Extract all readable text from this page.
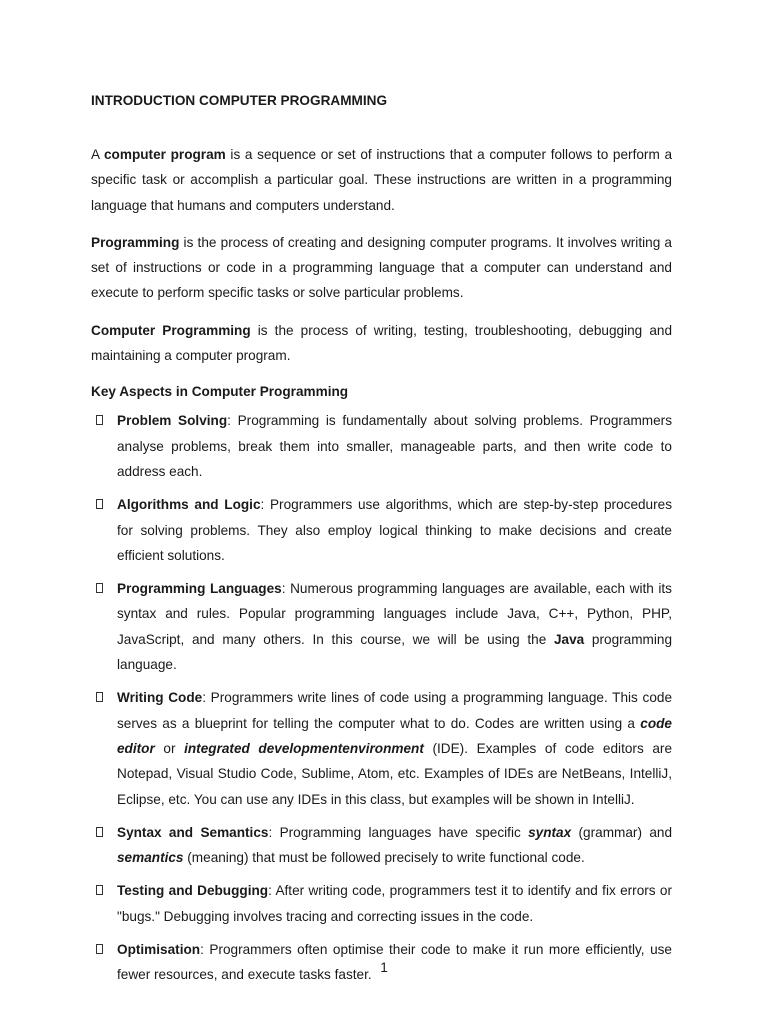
INTRODUCTION COMPUTER PROGRAMMING

A computer program is a sequence or set of instructions that a computer follows to perform a specific task or accomplish a particular goal. These instructions are written in a programming language that humans and computers understand.

Programming is the process of creating and designing computer programs. It involves writing a set of instructions or code in a programming language that a computer can understand and execute to perform specific tasks or solve particular problems.

Computer Programming is the process of writing, testing, troubleshooting, debugging and maintaining a computer program.

Key Aspects in Computer Programming
Problem Solving: Programming is fundamentally about solving problems. Programmers analyse problems, break them into smaller, manageable parts, and then write code to address each.
Algorithms and Logic: Programmers use algorithms, which are step-by-step procedures for solving problems. They also employ logical thinking to make decisions and create efficient solutions.
Programming Languages: Numerous programming languages are available, each with its syntax and rules. Popular programming languages include Java, C++, Python, PHP, JavaScript, and many others. In this course, we will be using the Java programming language.
Writing Code: Programmers write lines of code using a programming language. This code serves as a blueprint for telling the computer what to do. Codes are written using a code editor or integrated developmentenvironment (IDE). Examples of code editors are Notepad, Visual Studio Code, Sublime, Atom, etc. Examples of IDEs are NetBeans, IntelliJ, Eclipse, etc. You can use any IDEs in this class, but examples will be shown in IntelliJ.
Syntax and Semantics: Programming languages have specific syntax (grammar) and semantics (meaning) that must be followed precisely to write functional code.
Testing and Debugging: After writing code, programmers test it to identify and fix errors or "bugs." Debugging involves tracing and correcting issues in the code.
Optimisation: Programmers often optimise their code to make it run more efficiently, use fewer resources, and execute tasks faster. 1
